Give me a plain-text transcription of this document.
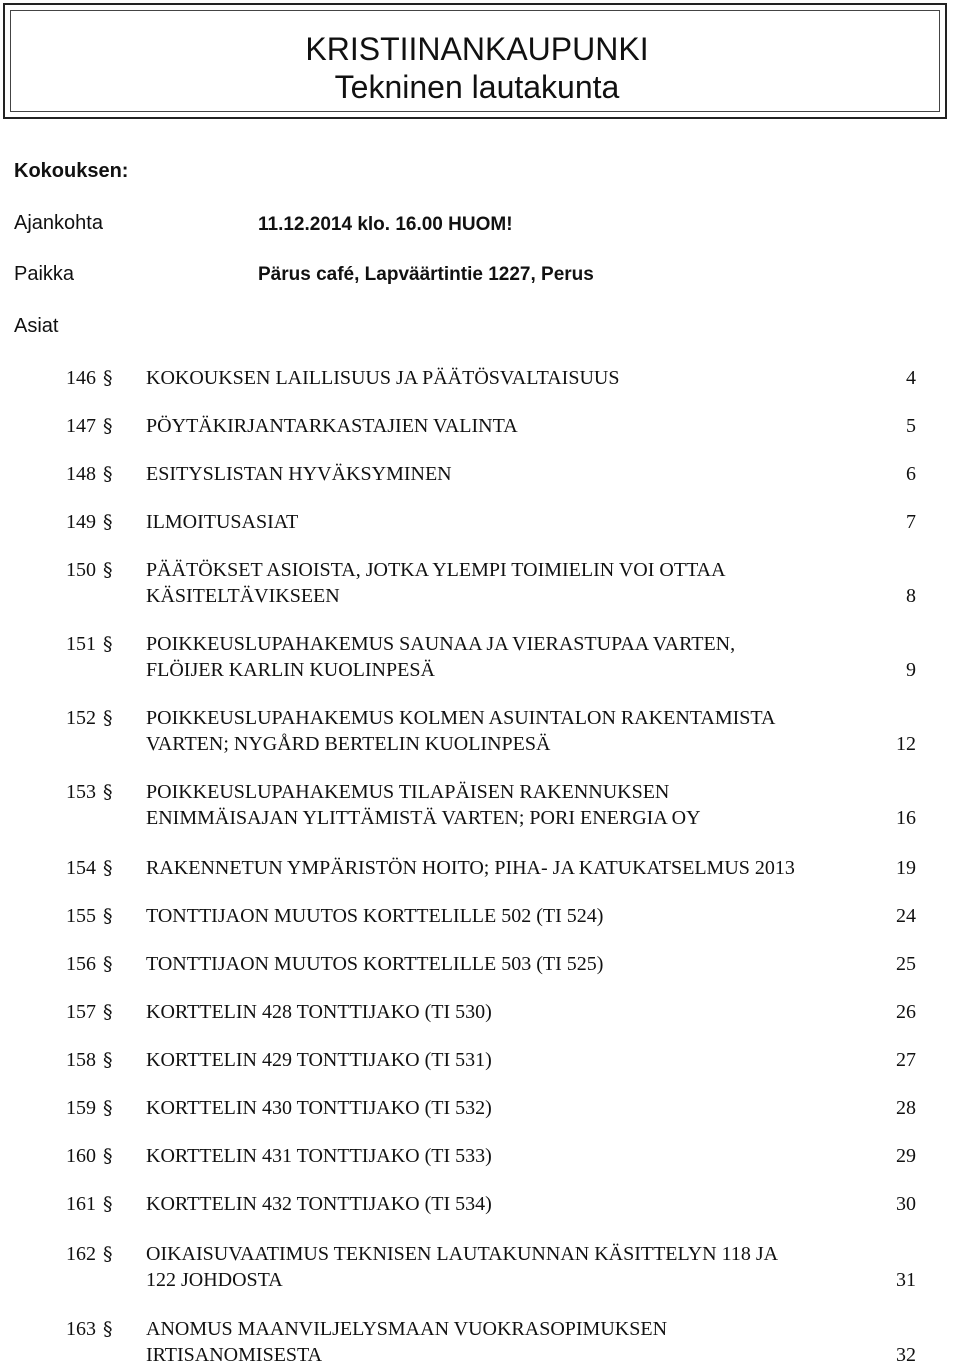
KRISTIINANKAUPUNKI
Tekninen lautakunta
Kokouksen:
Ajankohta	11.12.2014 klo. 16.00 HUOM!
Paikka	Pärus café, Lapväärtintie 1227, Perus
Asiat
146 § KOKOUKSEN LAILLISUUS JA PÄÄTÖSVALTAISUUS	4
147 § PÖYTÄKIRJANTARKASTAJIEN VALINTA	5
148 § ESITYSLISTAN HYVÄKSYMINEN	6
149 § ILMOITUSASIAT	7
150 § PÄÄTÖKSET ASIOISTA, JOTKA YLEMPI TOIMIELIN VOI OTTAA
KÄSITELTÄVIKSEEN	8
151 § POIKKEUSLUPAHAKEMUS SAUNAA JA VIERASTUPAA VARTEN,
FLÖIJER KARLIN KUOLINPESÄ	9
152 § POIKKEUSLUPAHAKEMUS KOLMEN ASUINTALON RAKENTAMISTA
VARTEN; NYGÅRD BERTELIN KUOLINPESÄ	12
153 § POIKKEUSLUPAHAKEMUS TILAPÄISEN RAKENNUKSEN
ENIMMÄISAJAN YLITTÄMISTÄ VARTEN; PORI ENERGIA OY	16
154 § RAKENNETUN YMPÄRISTÖN HOITO; PIHA- JA KATUKATSELMUS 2013	19
155 § TONTTIJAON MUUTOS KORTTELILLE 502 (TI 524)	24
156 § TONTTIJAON MUUTOS KORTTELILLE 503 (TI 525)	25
157 § KORTTELIN 428 TONTTIJAKO (TI 530)	26
158 § KORTTELIN 429 TONTTIJAKO (TI 531)	27
159 § KORTTELIN 430 TONTTIJAKO (TI 532)	28
160 § KORTTELIN 431 TONTTIJAKO (TI 533)	29
161 § KORTTELIN 432 TONTTIJAKO (TI 534)	30
162 § OIKAISUVAATIMUS TEKNISEN LAUTAKUNNAN KÄSITTELYN 118 JA
122 JOHDOSTA	31
163 § ANOMUS MAANVILJELYSMAAN VUOKRASOPIMUKSEN
IRTISANOMISESTA	32
